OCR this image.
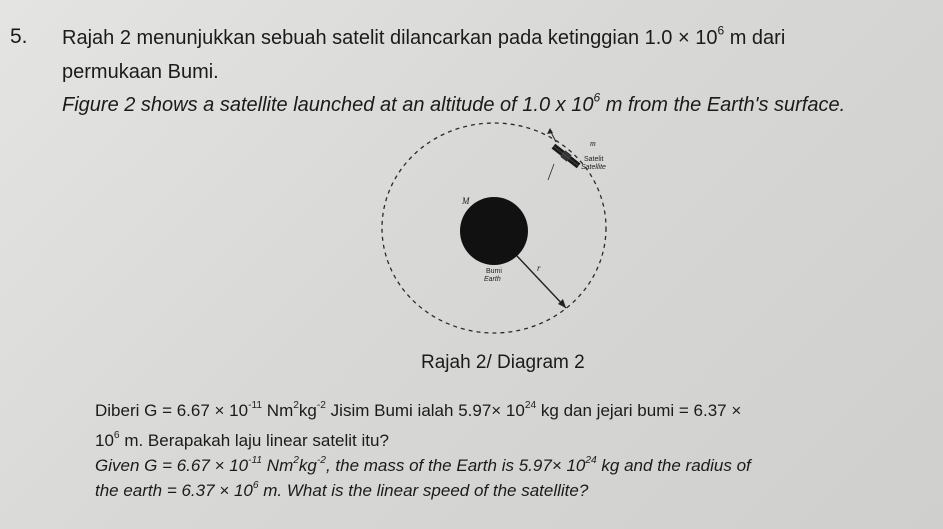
5. Rajah 2 menunjukkan sebuah satelit dilancarkan pada ketinggian $1.0 \times 10^6$ m dari
permukaan Bumi.
Figure 2 shows a satellite launched at an altitude of 1.0 x $10^6$ m from the Earth's surface.
M
r
Bumi
Earth
m
Satelit
Satellite
Rajah 2/ Diagram 2
Diberi $G = 6.67 \times 10^{-11}$ $Nm^2kg^{-2}$ Jisim Bumi ialah $5.97\times 10^{24}$ kg dan jejari bumi = 6.37 ×
$10^6$ m. Berapakah laju linear satelit itu?
Given $G = 6.67 \times 10^{-11}$ $Nm^2kg^{-2}$, the mass of the Earth is $5.97\times 10^{24}$ kg and the radius of
the earth = $6.37 \times 10^6$ m. What is the linear speed of the satellite?
